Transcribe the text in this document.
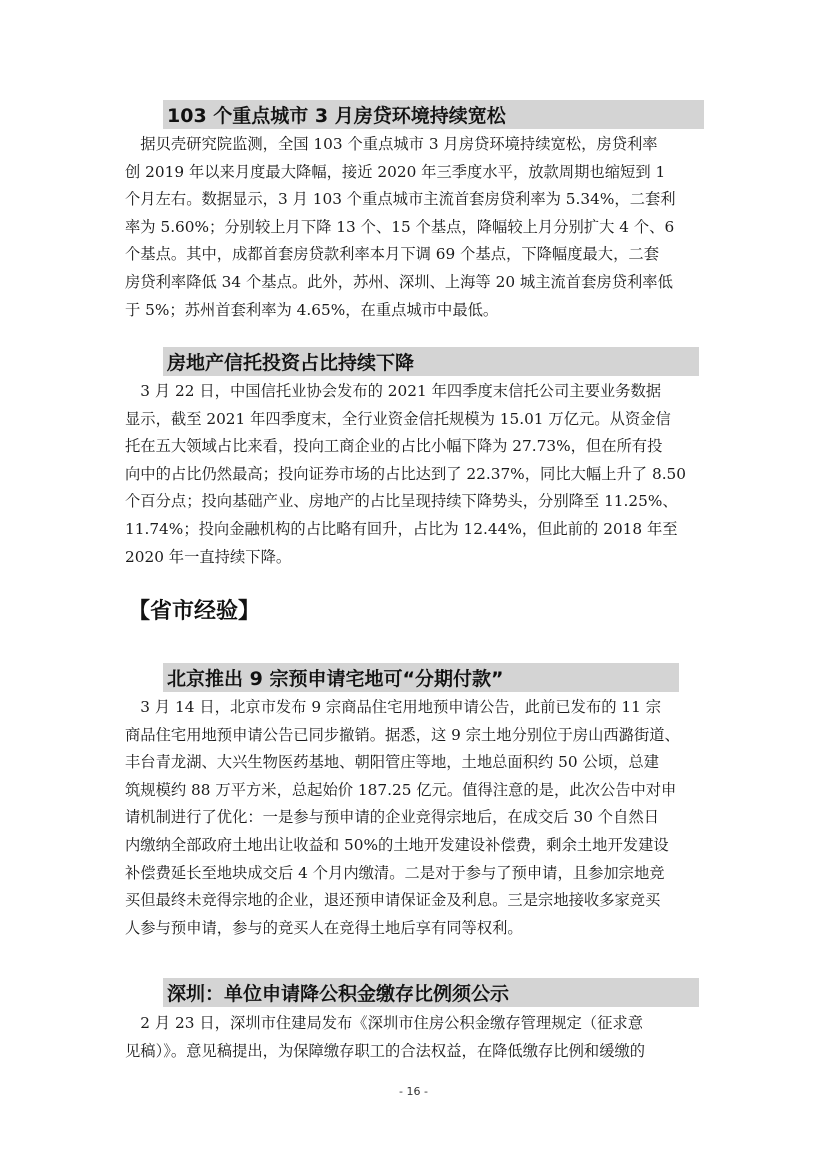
103 个重点城市 3 月房贷环境持续宽松
　据贝壳研究院监测，全国 103 个重点城市 3 月房贷环境持续宽松，房贷利率
创 2019 年以来月度最大降幅，接近 2020 年三季度水平，放款周期也缩短到 1
个月左右。数据显示，3 月 103 个重点城市主流首套房贷利率为 5.34%，二套利
率为 5.60%；分别较上月下降 13 个、15 个基点，降幅较上月分别扩大 4 个、6
个基点。其中，成都首套房贷款利率本月下调 69 个基点，下降幅度最大，二套
房贷利率降低 34 个基点。此外，苏州、深圳、上海等 20 城主流首套房贷利率低
于 5%；苏州首套利率为 4.65%，在重点城市中最低。
房地产信托投资占比持续下降
　3 月 22 日，中国信托业协会发布的 2021 年四季度末信托公司主要业务数据
显示，截至 2021 年四季度末，全行业资金信托规模为 15.01 万亿元。从资金信
托在五大领域占比来看，投向工商企业的占比小幅下降为 27.73%，但在所有投
向中的占比仍然最高；投向证券市场的占比达到了 22.37%，同比大幅上升了 8.50
个百分点；投向基础产业、房地产的占比呈现持续下降势头，分别降至 11.25%、
11.74%；投向金融机构的占比略有回升，占比为 12.44%，但此前的 2018 年至
2020 年一直持续下降。
【省市经验】
北京推出 9 宗预申请宅地可“分期付款”
　3 月 14 日，北京市发布 9 宗商品住宅用地预申请公告，此前已发布的 11 宗
商品住宅用地预申请公告已同步撤销。据悉，这 9 宗土地分别位于房山西潞街道、
丰台青龙湖、大兴生物医药基地、朝阳管庄等地，土地总面积约 50 公顷，总建
筑规模约 88 万平方米，总起始价 187.25 亿元。值得注意的是，此次公告中对申
请机制进行了优化：一是参与预申请的企业竞得宗地后，在成交后 30 个自然日
内缴纳全部政府土地出让收益和 50%的土地开发建设补偿费，剩余土地开发建设
补偿费延长至地块成交后 4 个月内缴清。二是对于参与了预申请，且参加宗地竞
买但最终未竞得宗地的企业，退还预申请保证金及利息。三是宗地接收多家竞买
人参与预申请，参与的竞买人在竞得土地后享有同等权利。
深圳：单位申请降公积金缴存比例须公示
　2 月 23 日，深圳市住建局发布《深圳市住房公积金缴存管理规定（征求意
见稿）》。意见稿提出，为保障缴存职工的合法权益，在降低缴存比例和缓缴的
- 16 -
